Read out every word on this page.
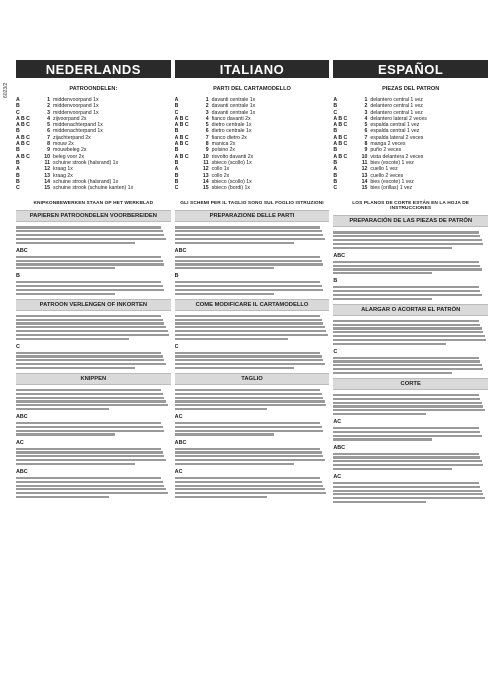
6023/2
NEDERLANDS	ITALIANO	ESPAÑOL
PATROONDELEN:
A	1 middenvoorpand 1x
B	2 middenvoorpand 1x
C	3 middenvoorpand 1x
A B C	4 zijvoorpand 2x
A B C	5 middenachterpand 1x
B	6 middenachterpand 1x
A B C	7 zijachterpand 2x
A B C	8 mouw 2x
B	9 mouwbeleg 2x
A B C	10 beleg voor 2x
B	11 schuine strook (halsrand) 1x
A	12 kraag 1x
B	13 kraag 2x
B	14 schuine strook (halsrand) 1x
C	15 schuine strook (schuine kanten) 1x
KNIPKONBEWERKEN STAAN OP HET WERKBLAD
PAPIEREN PATROONDELEN VOORBEREIDEN
ABC
B
PATROON VERLENGEN OF INKORTEN
C
KNIPPEN
ABC
AC
ABC
PARTI DEL CARTAMODELLO
A	1 davanti centrale 1x
B	2 davanti centrale 1x
C	3 davanti centrale 1x
A B C	4 fianco davanti 2x
A B C	5 dietro centrale 1x
B	6 dietro centrale 1x
A B C	7 fianco dietro 2x
A B C	8 manica 2x
B	9 polsino 2x
A B C	10 risvolto davanti 2x
B	11 sbieco (scollo) 1x
A	12 collo 1x
B	13 collo 2x
B	14 sbieco (scollo) 1x
C	15 sbieco (bordi) 1x
GLI SCHEMI PER IL TAGLIO SONO SUL FOGLIO ISTRUZIONI
PREPARAZIONE DELLE PARTI
ABC
B
COME MODIFICARE IL CARTAMODELLO
C
TAGLIO
AC
ABC
AC
PIEZAS DEL PATRON
A	1 delantero central 1 vez
B	2 delantero central 1 vez
C	3 delantero central 1 vez
A B C	4 delantero lateral 2 veces
A B C	5 espalda central 1 vez
B	6 espalda central 1 vez
A B C	7 espalda lateral 2 veces
A B C	8 manga 2 veces
B	9 puño 2 veces
A B C	10 vista delantera 2 veces
B	11 bies (escote) 1 vez
A	12 cuello 1 vez
B	13 cuello 2 veces
B	14 bies (escote) 1 vez
C	15 bies (orillas) 1 vez
LOS PLANOS DE CORTE ESTÁN EN LA HOJA DE INSTRUCCIONES
PREPARACIÓN DE LAS PIEZAS DE PATRÓN
ABC
B
ALARGAR O ACORTAR EL PATRÓN
C
CORTE
AC
ABC
AC
